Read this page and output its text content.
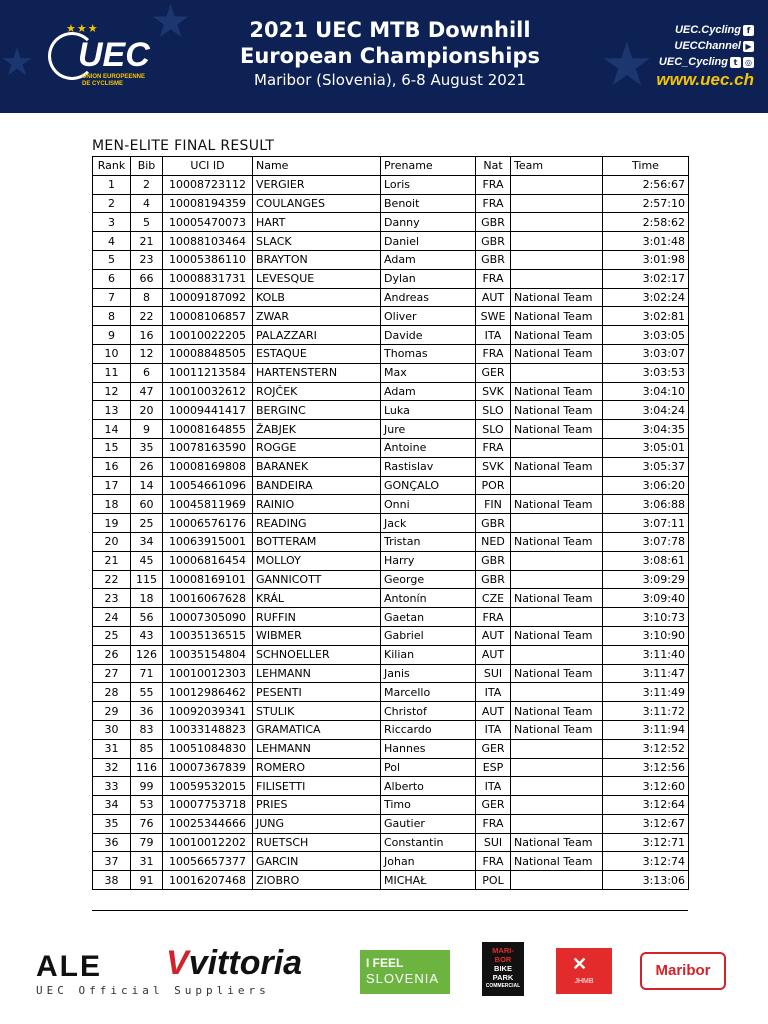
★
★
★
★★★
UEC
UNION EUROPEENNE
DE CYCLISME
2021 UEC MTB Downhill
European Championships
Maribor (Slovenia), 6-8 August 2021
UEC.Cycling f
UECChannel ▶
UEC_Cycling t ◎
www.uec.ch
MEN-ELITE FINAL RESULT
Rank	Bib	UCI ID	Name	Prename	Nat	Team	Time
1	2	10008723112	VERGIER	Loris	FRA		2:56:67
2	4	10008194359	COULANGES	Benoit	FRA		2:57:10
3	5	10005470073	HART	Danny	GBR		2:58:62
4	21	10088103464	SLACK	Daniel	GBR		3:01:48
5	23	10005386110	BRAYTON	Adam	GBR		3:01:98
6	66	10008831731	LEVESQUE	Dylan	FRA		3:02:17
7	8	10009187092	KOLB	Andreas	AUT	National Team	3:02:24
8	22	10008106857	ZWAR	Oliver	SWE	National Team	3:02:81
9	16	10010022205	PALAZZARI	Davide	ITA	National Team	3:03:05
10	12	10008848505	ESTAQUE	Thomas	FRA	National Team	3:03:07
11	6	10011213584	HARTENSTERN	Max	GER		3:03:53
12	47	10010032612	ROJČEK	Adam	SVK	National Team	3:04:10
13	20	10009441417	BERGINC	Luka	SLO	National Team	3:04:24
14	9	10008164855	ŽABJEK	Jure	SLO	National Team	3:04:35
15	35	10078163590	ROGGE	Antoine	FRA		3:05:01
16	26	10008169808	BARANEK	Rastislav	SVK	National Team	3:05:37
17	14	10054661096	BANDEIRA	GONÇALO	POR		3:06:20
18	60	10045811969	RAINIO	Onni	FIN	National Team	3:06:88
19	25	10006576176	READING	Jack	GBR		3:07:11
20	34	10063915001	BOTTERAM	Tristan	NED	National Team	3:07:78
21	45	10006816454	MOLLOY	Harry	GBR		3:08:61
22	115	10008169101	GANNICOTT	George	GBR		3:09:29
23	18	10016067628	KRÁL	Antonín	CZE	National Team	3:09:40
24	56	10007305090	RUFFIN	Gaetan	FRA		3:10:73
25	43	10035136515	WIBMER	Gabriel	AUT	National Team	3:10:90
26	126	10035154804	SCHNOELLER	Kilian	AUT		3:11:40
27	71	10010012303	LEHMANN	Janis	SUI	National Team	3:11:47
28	55	10012986462	PESENTI	Marcello	ITA		3:11:49
29	36	10092039341	STULIK	Christof	AUT	National Team	3:11:72
30	83	10033148823	GRAMATICA	Riccardo	ITA	National Team	3:11:94
31	85	10051084830	LEHMANN	Hannes	GER		3:12:52
32	116	10007367839	ROMERO	Pol	ESP		3:12:56
33	99	10059532015	FILISETTI	Alberto	ITA		3:12:60
34	53	10007753718	PRIES	Timo	GER		3:12:64
35	76	10025344666	JUNG	Gautier	FRA		3:12:67
36	79	10010012202	RUETSCH	Constantin	SUI	National Team	3:12:71
37	31	10056657377	GARCIN	Johan	FRA	National Team	3:12:74
38	91	10016207468	ZIOBRO	MICHAŁ	POL		3:13:06
ALE Vvittoria
UEC Official Suppliers
I FEEL
SLOVENIA
MARI-
BOR
BIKE
PARK
COMMERCIAL
✕
JHMB
Maribor
